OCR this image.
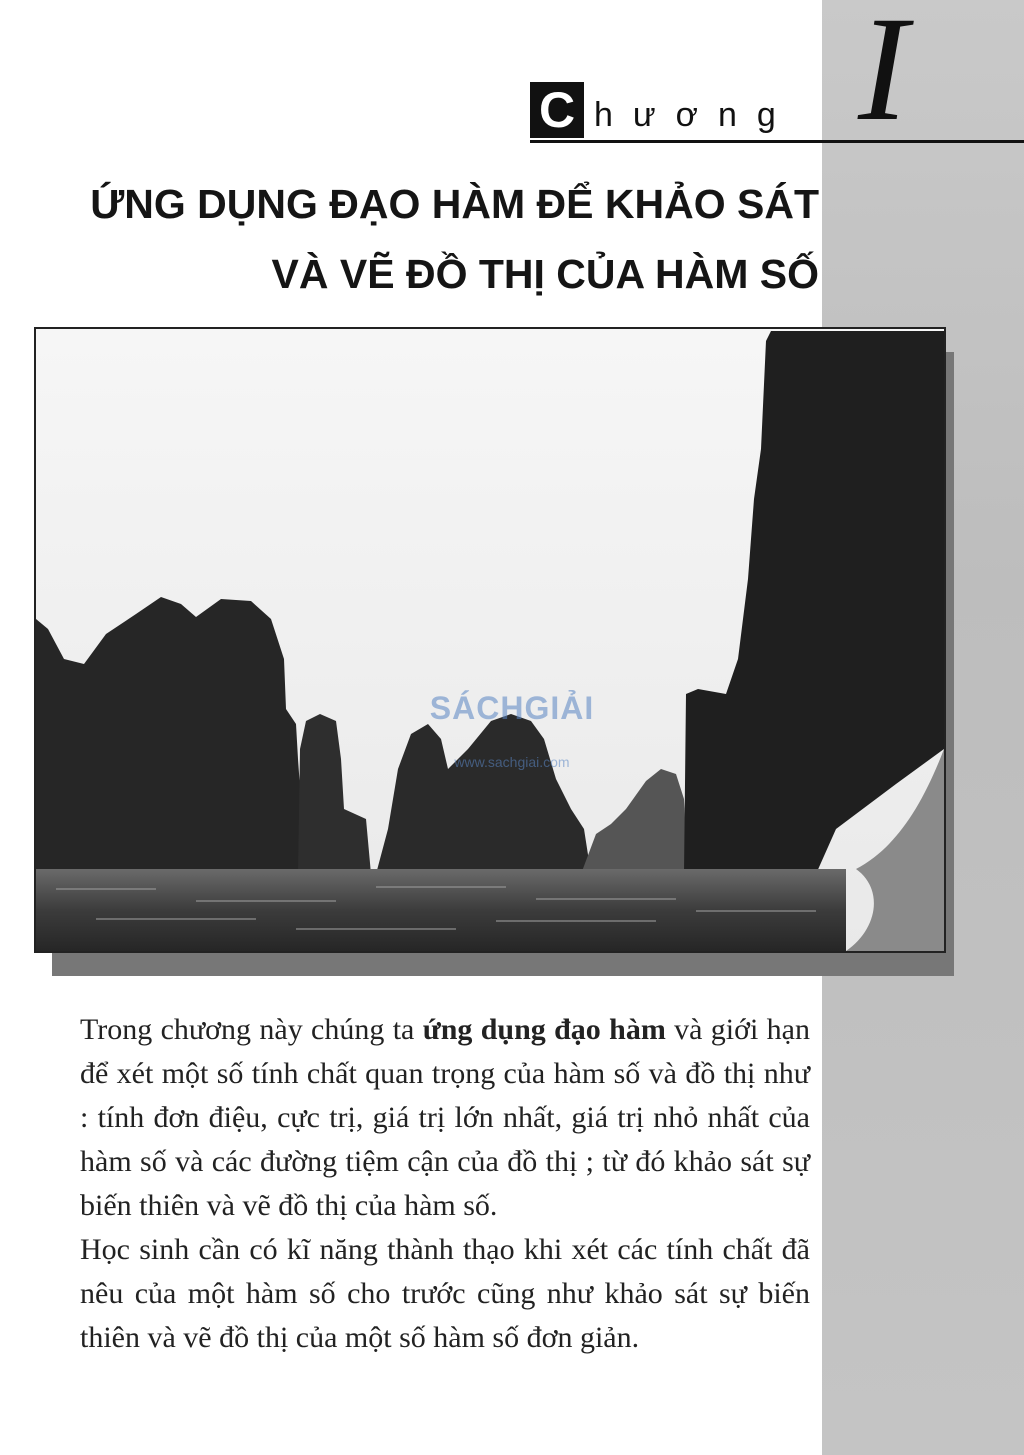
C hương I
ỨNG DỤNG ĐẠO HÀM ĐỂ KHẢO SÁT
VÀ VẼ ĐỒ THỊ CỦA HÀM SỐ
SÁCHGIẢI
www.sachgiai.com

Trong chương này chúng ta ứng dụng đạo hàm và giới hạn để xét một số tính chất quan trọng của hàm số và đồ thị như : tính đơn điệu, cực trị, giá trị lớn nhất, giá trị nhỏ nhất của hàm số và các đường tiệm cận của đồ thị ; từ đó khảo sát sự biến thiên và vẽ đồ thị của hàm số.

Học sinh cần có kĩ năng thành thạo khi xét các tính chất đã nêu của một hàm số cho trước cũng như khảo sát sự biến thiên và vẽ đồ thị của một số hàm số đơn giản.
